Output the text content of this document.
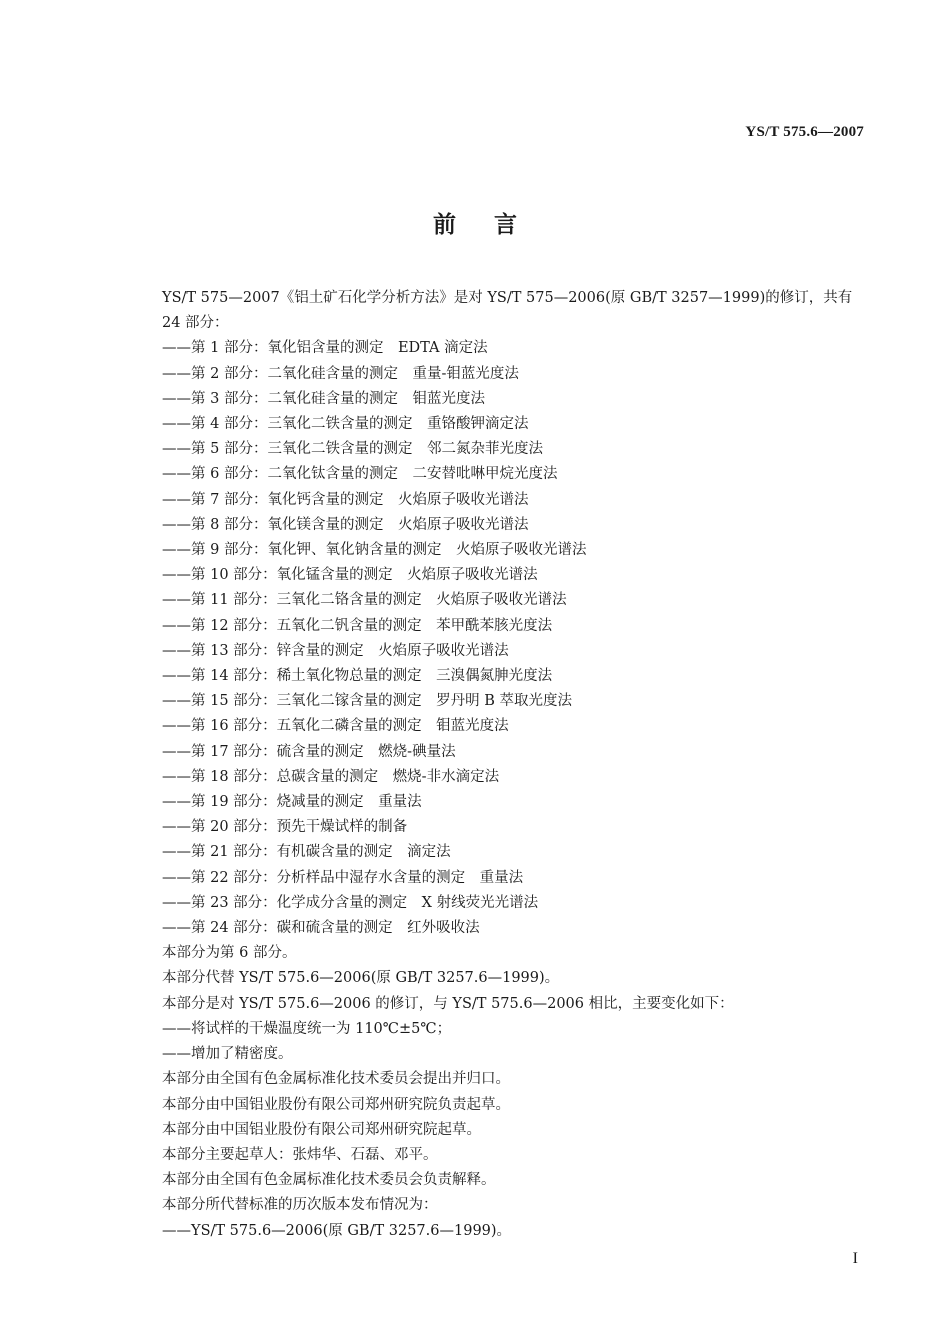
YS/T 575.6—2007
前言

YS/T 575—2007《铝土矿石化学分析方法》是对 YS/T 575—2006(原 GB/T 3257—1999)的修订，共有 24 部分：

——第 1 部分：氧化铝含量的测定　EDTA 滴定法

——第 2 部分：二氧化硅含量的测定　重量-钼蓝光度法

——第 3 部分：二氧化硅含量的测定　钼蓝光度法

——第 4 部分：三氧化二铁含量的测定　重铬酸钾滴定法

——第 5 部分：三氧化二铁含量的测定　邻二氮杂菲光度法

——第 6 部分：二氧化钛含量的测定　二安替吡啉甲烷光度法

——第 7 部分：氧化钙含量的测定　火焰原子吸收光谱法

——第 8 部分：氧化镁含量的测定　火焰原子吸收光谱法

——第 9 部分：氧化钾、氧化钠含量的测定　火焰原子吸收光谱法

——第 10 部分：氧化锰含量的测定　火焰原子吸收光谱法

——第 11 部分：三氧化二铬含量的测定　火焰原子吸收光谱法

——第 12 部分：五氧化二钒含量的测定　苯甲酰苯胲光度法

——第 13 部分：锌含量的测定　火焰原子吸收光谱法

——第 14 部分：稀土氧化物总量的测定　三溴偶氮胂光度法

——第 15 部分：三氧化二镓含量的测定　罗丹明 B 萃取光度法

——第 16 部分：五氧化二磷含量的测定　钼蓝光度法

——第 17 部分：硫含量的测定　燃烧-碘量法

——第 18 部分：总碳含量的测定　燃烧-非水滴定法

——第 19 部分：烧减量的测定　重量法

——第 20 部分：预先干燥试样的制备

——第 21 部分：有机碳含量的测定　滴定法

——第 22 部分：分析样品中湿存水含量的测定　重量法

——第 23 部分：化学成分含量的测定　X 射线荧光光谱法

——第 24 部分：碳和硫含量的测定　红外吸收法

本部分为第 6 部分。

本部分代替 YS/T 575.6—2006(原 GB/T 3257.6—1999)。

本部分是对 YS/T 575.6—2006 的修订，与 YS/T 575.6—2006 相比，主要变化如下：

——将试样的干燥温度统一为 110℃±5℃；

——增加了精密度。

本部分由全国有色金属标准化技术委员会提出并归口。

本部分由中国铝业股份有限公司郑州研究院负责起草。

本部分由中国铝业股份有限公司郑州研究院起草。

本部分主要起草人：张炜华、石磊、邓平。

本部分由全国有色金属标准化技术委员会负责解释。

本部分所代替标准的历次版本发布情况为：

——YS/T 575.6—2006(原 GB/T 3257.6—1999)。

I
